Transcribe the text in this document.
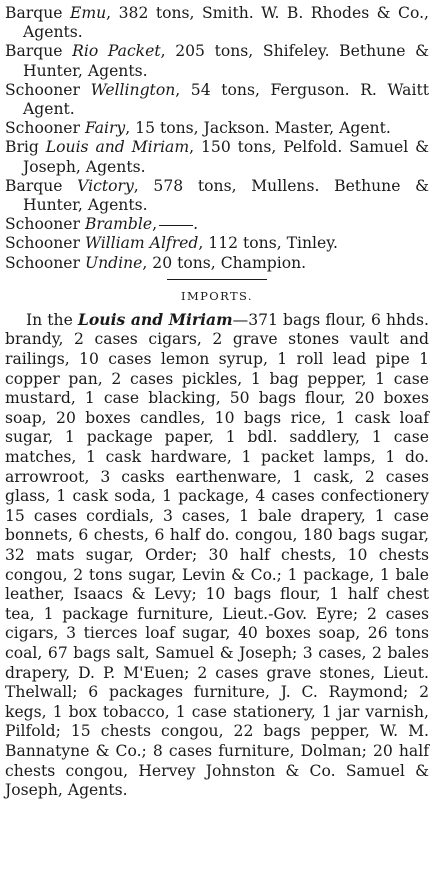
Barque Emu, 382 tons, Smith. W. B. Rhodes & Co., Agents.

Barque Rio Packet, 205 tons, Shifeley. Bethune & Hunter, Agents.

Schooner Wellington, 54 tons, Ferguson. R. Waitt Agent.

Schooner Fairy, 15 tons, Jackson. Master, Agent.

Brig Louis and Miriam, 150 tons, Pelfold. Samuel & Joseph, Agents.

Barque Victory, 578 tons, Mullens. Bethune & Hunter, Agents.

Schooner Bramble, .

Schooner William Alfred, 112 tons, Tinley.

Schooner Undine, 20 tons, Champion.

IMPORTS.

In the Louis and Miriam—371 bags flour, 6 hhds. brandy, 2 cases cigars, 2 grave stones vault and railings, 10 cases lemon syrup, 1 roll lead pipe 1 copper pan, 2 cases pickles, 1 bag pepper, 1 case mustard, 1 case blacking, 50 bags flour, 20 boxes soap, 20 boxes candles, 10 bags rice, 1 cask loaf sugar, 1 package paper, 1 bdl. saddlery, 1 case matches, 1 cask hardware, 1 packet lamps, 1 do. arrowroot, 3 casks earthenware, 1 cask, 2 cases glass, 1 cask soda, 1 package, 4 cases confectionery 15 cases cordials, 3 cases, 1 bale drapery, 1 case bonnets, 6 chests, 6 half do. congou, 180 bags sugar, 32 mats sugar, Order; 30 half chests, 10 chests congou, 2 tons sugar, Levin & Co.; 1 package, 1 bale leather, Isaacs & Levy; 10 bags flour, 1 half chest tea, 1 package furniture, Lieut.-Gov. Eyre; 2 cases cigars, 3 tierces loaf sugar, 40 boxes soap, 26 tons coal, 67 bags salt, Samuel & Joseph; 3 cases, 2 bales drapery, D. P. M'Euen; 2 cases grave stones, Lieut. Thelwall; 6 packages furniture, J. C. Raymond; 2 kegs, 1 box tobacco, 1 case stationery, 1 jar varnish, Pilfold; 15 chests congou, 22 bags pepper, W. M. Bannatyne & Co.; 8 cases furniture, Dolman; 20 half chests congou, Hervey Johnston & Co. Samuel & Joseph, Agents.
